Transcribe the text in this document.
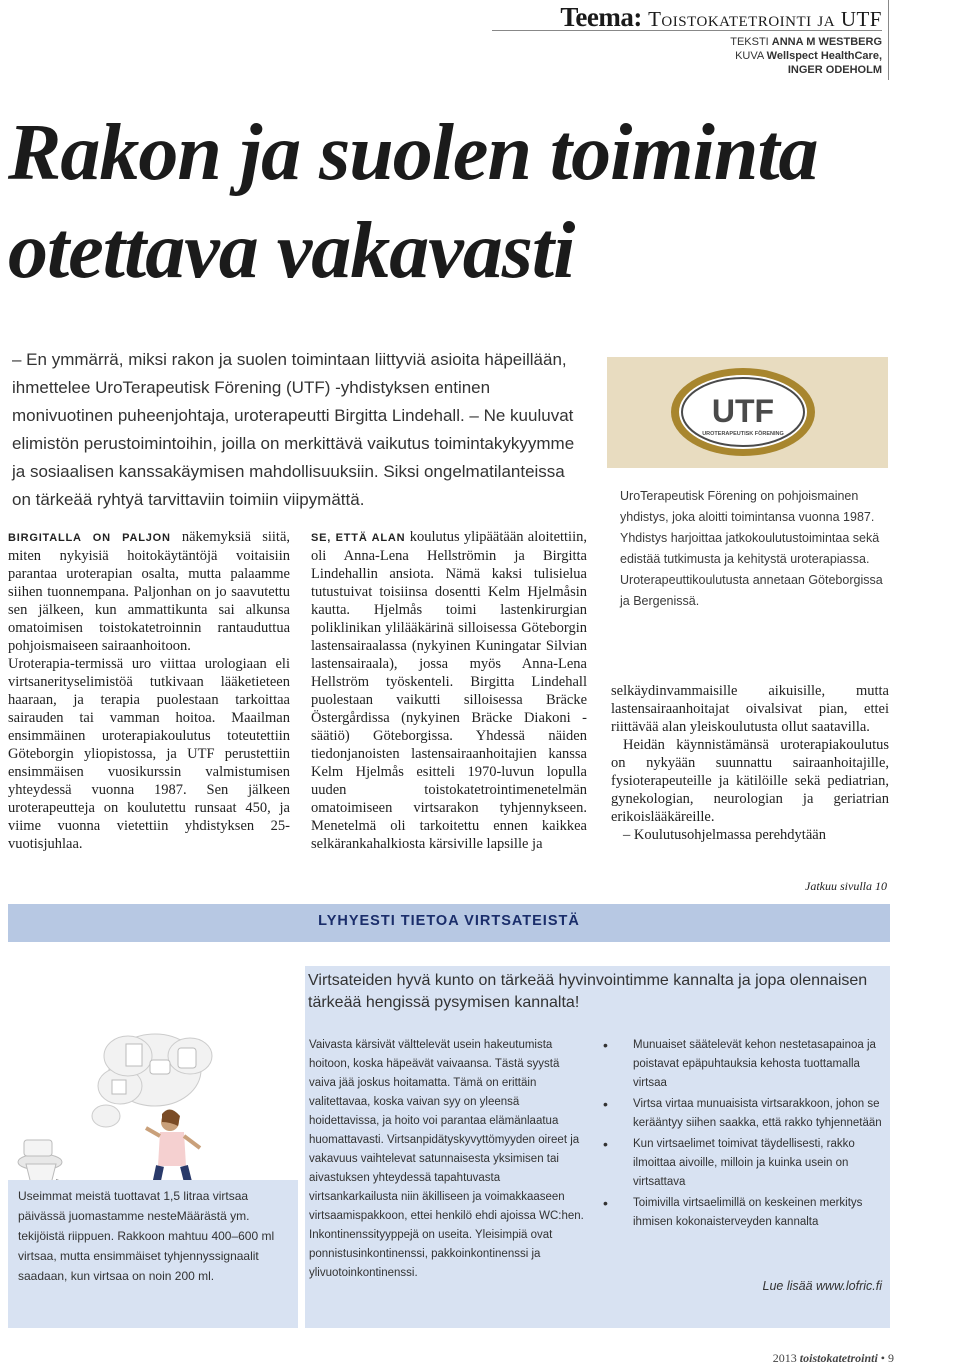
Teema: Toistokatetrointi ja UTF
TEKSTI ANNA M WESTBERG
KUVA Wellspect HealthCare, INGER ODEHOLM
Rakon ja suolen toiminta
otettava vakavasti
– En ymmärrä, miksi rakon ja suolen toimintaan liittyviä asioita häpeillään, ihmettelee UroTerapeutisk Förening (UTF) -yhdistyksen entinen monivuotinen puheenjohtaja, uroterapeutti Birgitta Lindehall. – Ne kuuluvat elimistön perustoimintoihin, joilla on merkittävä vaikutus toimintakykyymme ja sosiaalisen kanssakäymisen mahdollisuuksiin. Siksi ongelmatilanteissa on tärkeää ryhtyä tarvittaviin toimiin viipymättä.
UTF
UROTERAPEUTISK FÖRENING
UroTerapeutisk Förening on pohjoismainen yhdistys, joka aloitti toimintansa vuonna 1987. Yhdistys harjoittaa jatkokoulutustoimintaa sekä edistää tutkimusta ja kehitystä uroterapiassa. Uroterapeuttikoulutusta annetaan Göteborgissa ja Bergenissä.

BIRGITALLA ON PALJON näkemyksiä siitä, miten nykyisiä hoitokäytäntöjä voitaisiin parantaa uroterapian osalta, mutta palaamme siihen tuonnempana. Paljonhan on jo saavutettu sen jälkeen, kun ammattikunta sai alkunsa omatoimisen toistokatetroinnin rantauduttua pohjoismaiseen sairaanhoitoon.

Uroterapia-termissä uro viittaa urologiaan eli virtsanerityselimistöä tutkivaan lääketieteen haaraan, ja terapia puolestaan tarkoittaa sairauden tai vamman hoitoa. Maailman ensimmäinen uroterapiakoulutus toteutettiin Göteborgin yliopistossa, ja UTF perustettiin ensimmäisen vuosikurssin valmistumisen yhteydessä vuonna 1987. Sen jälkeen uroterapeutteja on koulutettu runsaat 450, ja viime vuonna vietettiin yhdistyksen 25-vuotisjuhlaa.

SE, ETTÄ ALAN koulutus ylipäätään aloitettiin, oli Anna-Lena Hellströmin ja Birgitta Lindehallin ansiota. Nämä kaksi tulisielua tutustuivat toisiinsa dosentti Kelm Hjelmåsin kautta. Hjelmås toimi lastenkirurgian poliklinikan ylilääkärinä silloisessa Göteborgin lastensairaalassa (nykyinen Kuningatar Silvian lastensairaala), jossa myös Anna-Lena Hellström työskenteli. Birgitta Lindehall puolestaan vaikutti silloisessa Bräcke Östergårdissa (nykyinen Bräcke Diakoni -säätiö) Göteborgissa. Yhdessä näiden tiedonjanoisten lastensairaanhoitajien kanssa Kelm Hjelmås esitteli 1970-luvun lopulla uuden toistokatetrointimenetelmän omatoimiseen virtsarakon tyhjennykseen. Menetelmä oli tarkoitettu ennen kaikkea selkärankahalkiosta kärsiville lapsille ja

selkäydinvammaisille aikuisille, mutta lastensairaanhoitajat oivalsivat pian, ettei riittävää alan yleiskoulutusta ollut saatavilla.

Heidän käynnistämänsä uroterapiakoulutus on nykyään suunnattu sairaanhoitajille, fysioterapeuteille ja kätilöille sekä pediatrian, gynekologian, neurologian ja geriatrian erikoislääkäreille.

– Koulutusohjelmassa perehdytään

Jatkuu sivulla 10
LYHYESTI TIETOA VIRTSATEISTÄ
Virtsateiden hyvä kunto on tärkeää hyvinvointimme kannalta ja jopa olennaisen tärkeää hengissä pysymisen kannalta!
Vaivasta kärsivät välttelevät usein hakeutumista hoitoon, koska häpeävät vaivaansa. Tästä syystä vaiva jää joskus hoitamatta. Tämä on erittäin valitettavaa, koska vaivan syy on yleensä hoidettavissa, ja hoito voi parantaa elämänlaatua huomattavasti. Virtsanpidätyskyvyttömyyden oireet ja vakavuus vaihtelevat satunnaisesta yksimisen tai aivastuksen yhteydessä tapahtuvasta virtsankarkailusta niin äkilliseen ja voimakkaaseen virtsaamispakkoon, ettei henkilö ehdi ajoissa WC:hen. Inkontinenssityyppejä on useita. Yleisimpiä ovat ponnistusinkontinenssi, pakkoinkontinenssi ja ylivuotoinkontinenssi.
• Munuaiset säätelevät kehon nestetasapainoa ja poistavat epäpuhtauksia kehosta tuottamalla virtsaa
• Virtsa virtaa munuaisista virtsarakkoon, johon se kerääntyy siihen saakka, että rakko tyhjennetään
• Kun virtsaelimet toimivat täydellisesti, rakko ilmoittaa aivoille, milloin ja kuinka usein on virtsattava
• Toimivilla virtsaelimillä on keskeinen merkitys ihmisen kokonaisterveyden kannalta
Lue lisää www.lofric.fi
Useimmat meistä tuottavat 1,5 litraa virtsaa päivässä juomastamme nesteMäärästä ym. tekijöistä riippuen. Rakkoon mahtuu 400–600 ml virtsaa, mutta ensimmäiset tyhjennyssignaalit saadaan, kun virtsaa on noin 200 ml.
2013 toistokatetrointi • 9
